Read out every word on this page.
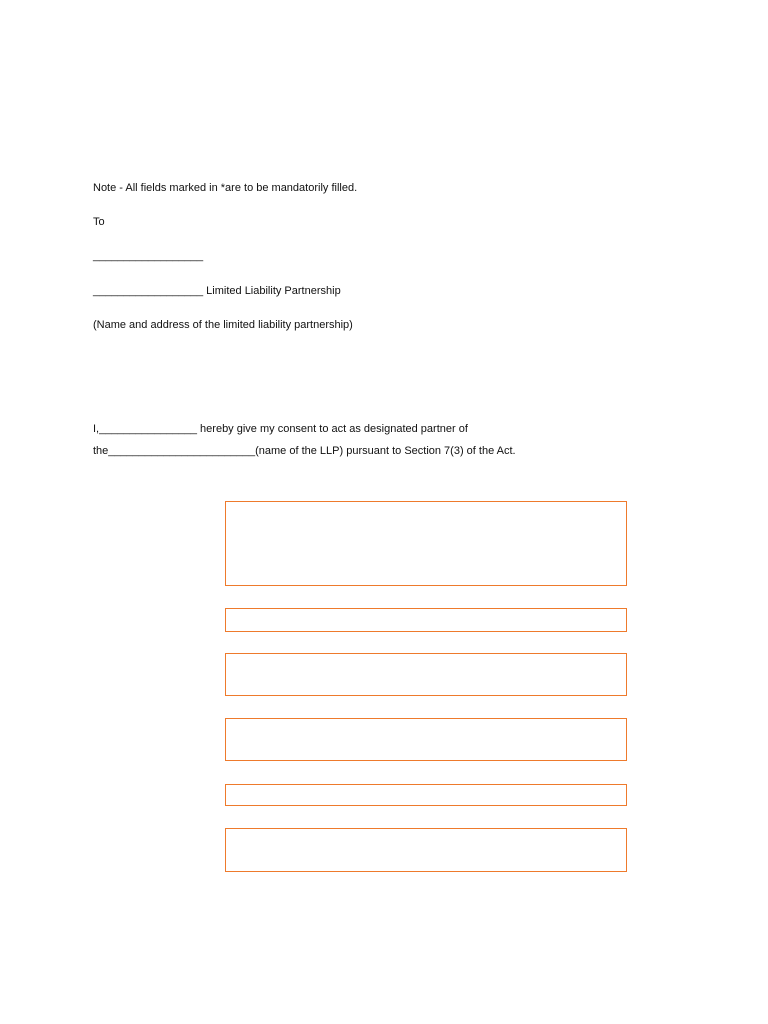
Note - All fields marked in *are to be mandatorily filled.
To
__________________
__________________ Limited Liability Partnership
(Name and address of the limited liability partnership)
I,________________ hereby give my consent to act as designated partner of
the________________________(name of the LLP) pursuant to Section 7(3) of the Act.
